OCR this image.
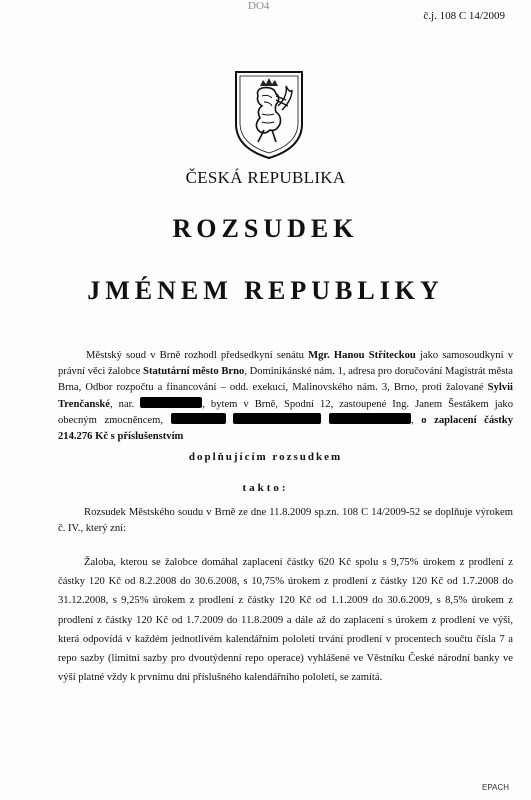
DO4
č.j. 108 C 14/2009
ČESKÁ REPUBLIKA
ROZSUDEK
JMÉNEM REPUBLIKY
Městský soud v Brně rozhodl předsedkyní senátu Mgr. Hanou Stříteckou jako samosoudkyní v právní věci žalobce Statutární město Brno, Dominikánské nám. 1, adresa pro doručování Magistrát města Brna, Odbor rozpočtu a financování – odd. exekucí, Malinovského nám. 3, Brno, proti žalované Sylvii Trenčanské, nar.	, bytem v Brně, Spodní 12, zastoupené Ing. Janem Šestákem jako obecným zmocněncem,	, o zaplacení částky 214.276 Kč s příslušenstvím
doplňujícím rozsudkem
takto:
Rozsudek Městského soudu v Brně ze dne 11.8.2009 sp.zn. 108 C 14/2009-52 se doplňuje výrokem č. IV., který zní:
Žaloba, kterou se žalobce domáhal zaplacení částky 620 Kč spolu s 9,75% úrokem z prodlení z částky 120 Kč od 8.2.2008 do 30.6.2008, s 10,75% úrokem z prodlení z částky 120 Kč od 1.7.2008 do 31.12.2008, s 9,25% úrokem z prodlení z částky 120 Kč od 1.1.2009 do 30.6.2009, s 8,5% úrokem z prodlení z částky 120 Kč od 1.7.2009 do 11.8.2009 a dále až do zaplacení s úrokem z prodlení ve výši, která odpovídá v každém jednotlivém kalendářním pololetí trvání prodlení v procentech součtu čísla 7 a repo sazby (limitní sazby pro dvoutýdenní repo operace) vyhlášené ve Věstníku České národní banky ve výši platné vždy k prvnímu dni příslušného kalendářního pololetí, se zamítá.
EPACH
